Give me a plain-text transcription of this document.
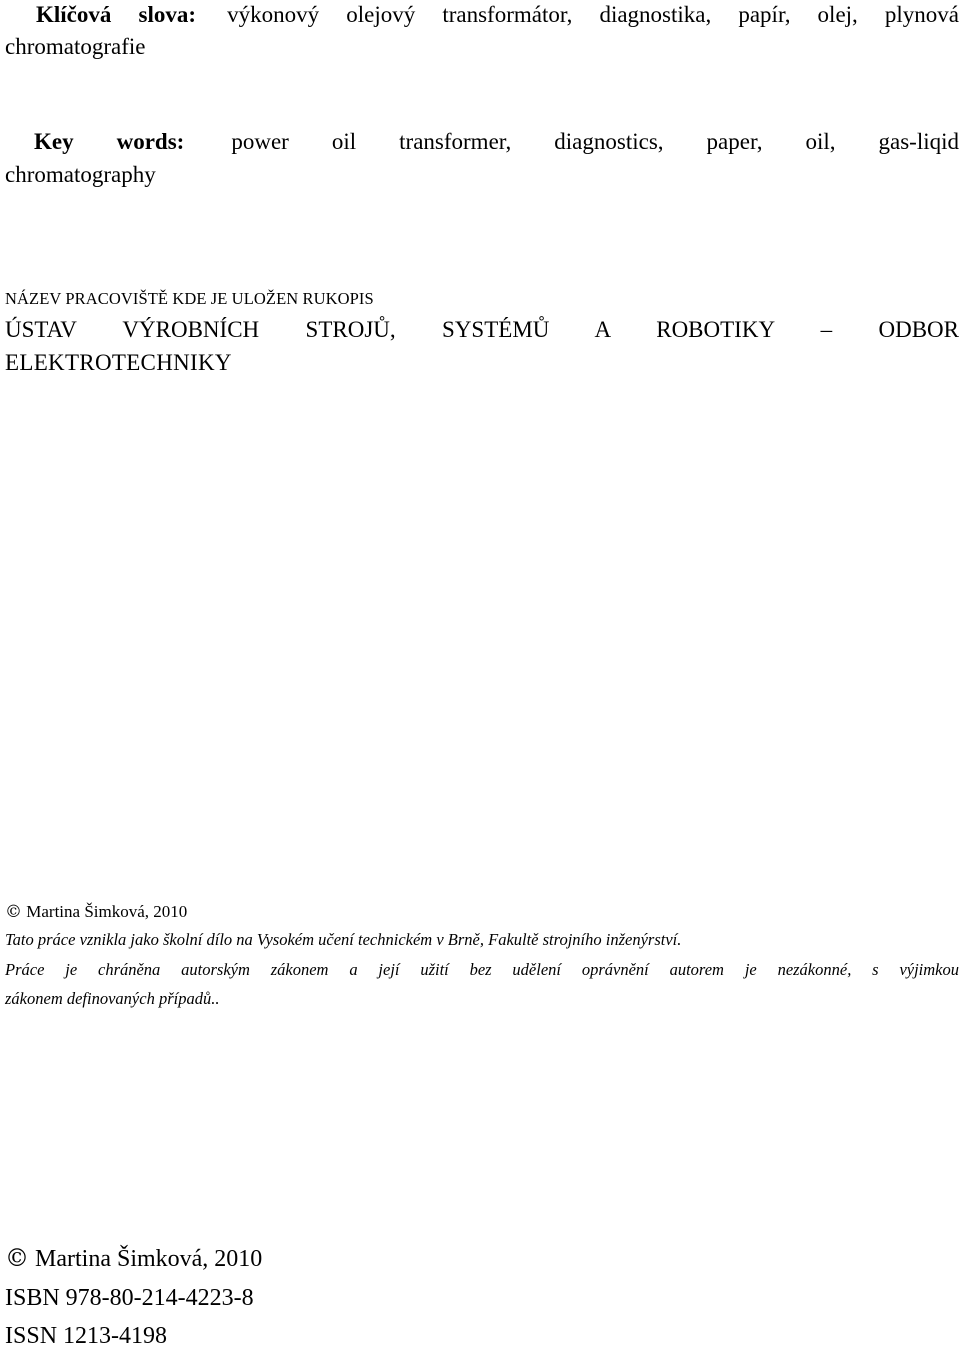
Klíčová slova: výkonový olejový transformátor, diagnostika, papír, olej, plynová
chromatografie
Key words: power oil transformer, diagnostics, paper, oil, gas-liqid
chromatography
NÁZEV PRACOVIŠTĚ KDE JE ULOŽEN RUKOPIS
ÚSTAV VÝROBNÍCH STROJŮ, SYSTÉMŮ A ROBOTIKY – ODBOR
ELEKTROTECHNIKY
© Martina Šimková, 2010
Tato práce vznikla jako školní dílo na Vysokém učení technickém v Brně, Fakultě strojního inženýrství.
Práce je chráněna autorským zákonem a její užití bez udělení oprávnění autorem je nezákonné, s výjimkou
zákonem definovaných případů..
© Martina Šimková, 2010
ISBN 978-80-214-4223-8
ISSN 1213-4198
